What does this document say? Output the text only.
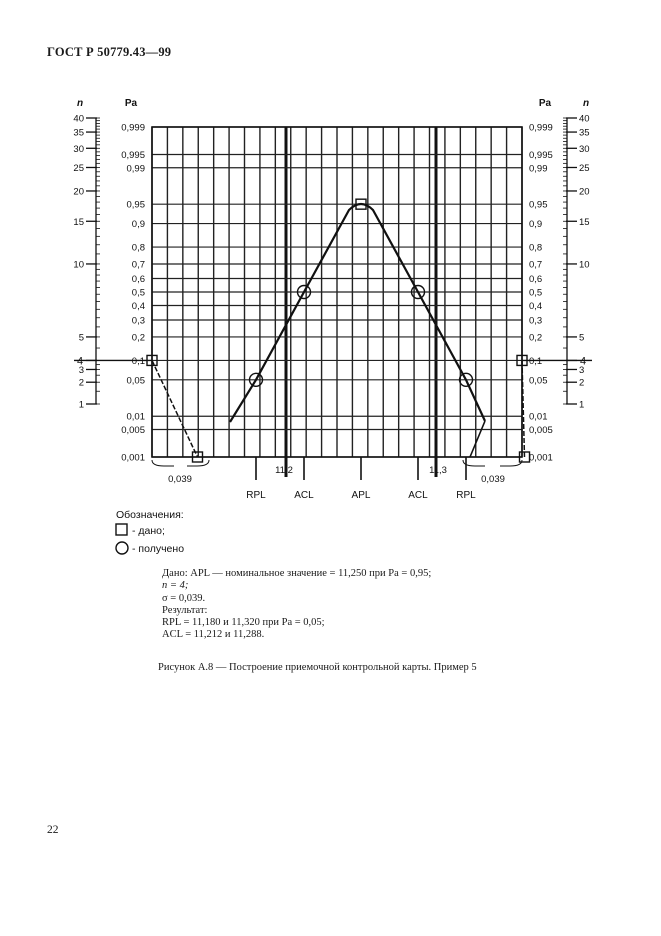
ГОСТ Р 50779.43—99
n	Pa	Pa	n
40	40
35	35
30	30
25	25
20	20
15	15
10	10
5	5
3	3
2	2
1	1
4	4
0,999	0,999
0,995	0,995
0,99	0,99
0,95	0,95
0,9	0,9
0,8	0,8
0,7	0,7
0,6	0,6
0,5	0,5
0,4	0,4
0,3	0,3
0,2	0,2
0,1	0,1
0,05	0,05
0,01	0,01
0,005	0,005
0,001	0,001
11,2	11,3
0,039	0,039
RPL	ACL	APL	ACL	RPL
Обозначения:
- дано;
- получено
Дано: APL — номинальное значение = 11,250 при Pa = 0,95;
n = 4;
σ = 0,039.
Результат:
RPL = 11,180 и 11,320 при Pa = 0,05;
ACL = 11,212 и 11,288.
Рисунок А.8 — Построение приемочной контрольной карты. Пример 5
22
